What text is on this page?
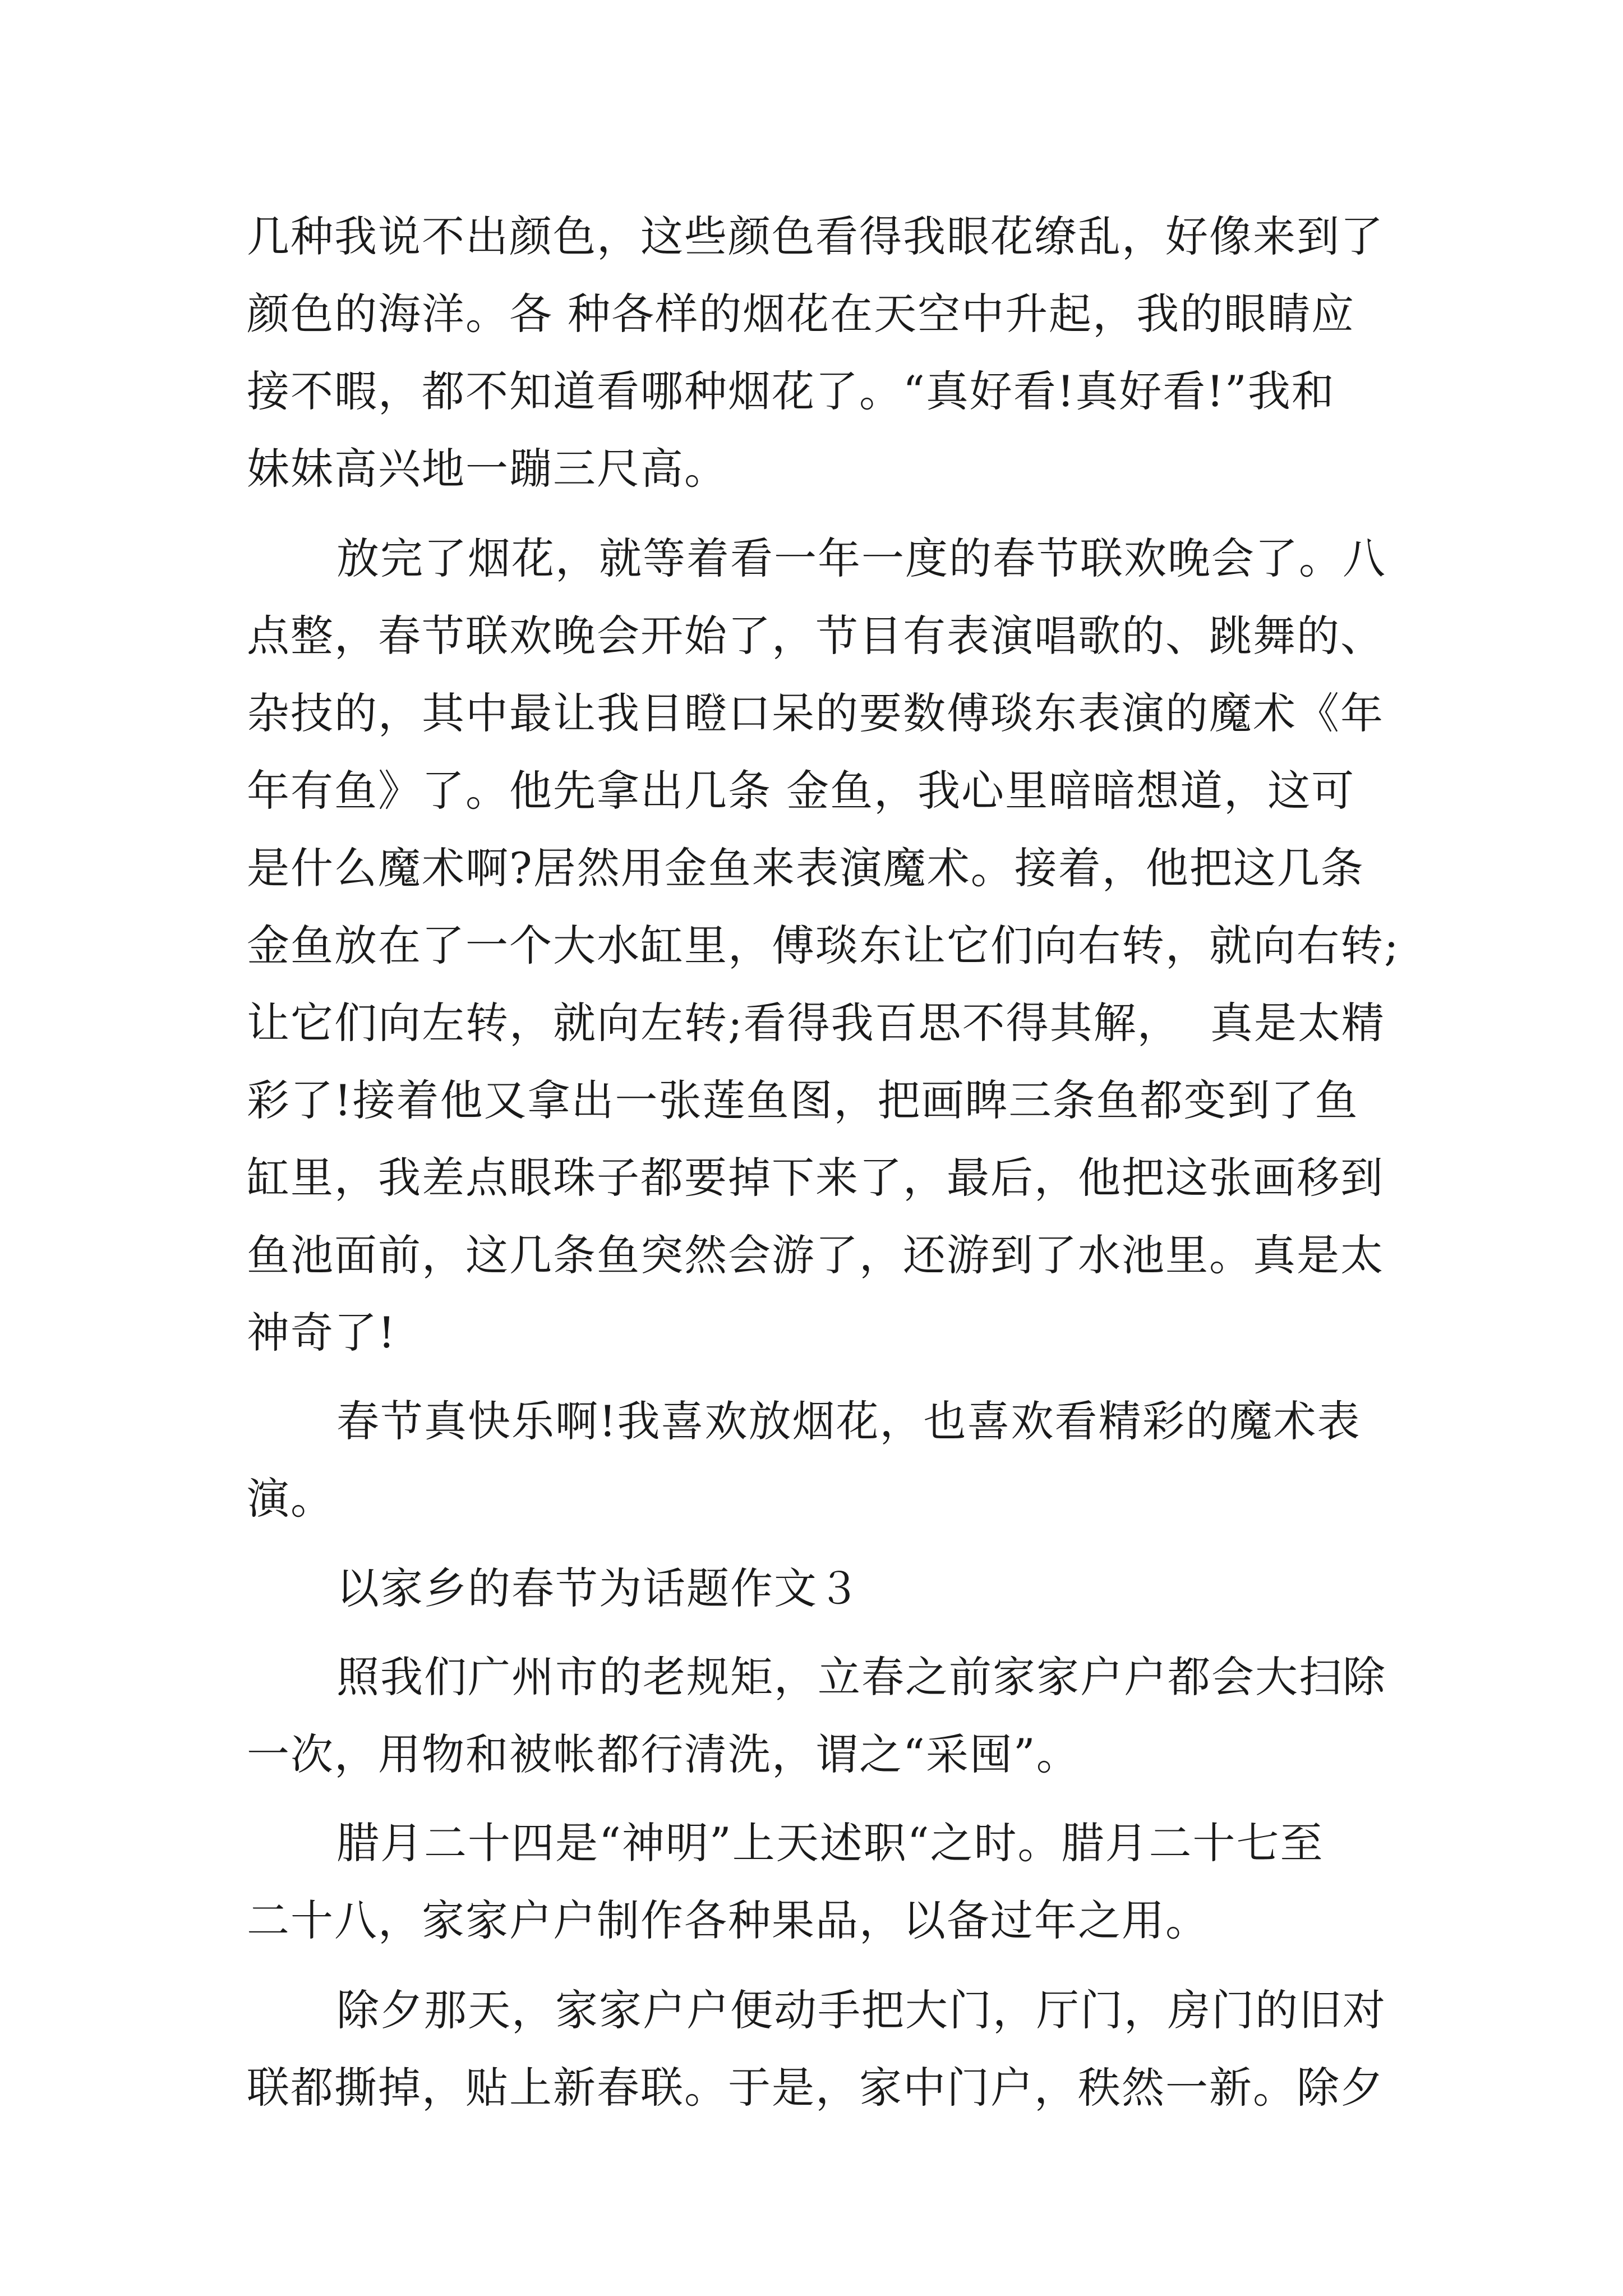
几种我说不出颜色，这些颜色看得我眼花缭乱，好像来到了
颜色的海洋。各 种各样的烟花在天空中升起，我的眼睛应
接不暇，都不知道看哪种烟花了。“真好看!真好看!”我和
妹妹高兴地一蹦三尺高。
放完了烟花，就等着看一年一度的春节联欢晚会了。八
点整，春节联欢晚会开始了，节目有表演唱歌的、跳舞的、
杂技的，其中最让我目瞪口呆的要数傅琰东表演的魔术《年
年有鱼》了。他先拿出几条 金鱼，我心里暗暗想道，这可
是什么魔术啊?居然用金鱼来表演魔术。接着，他把这几条
金鱼放在了一个大水缸里，傅琰东让它们向右转，就向右转;
让它们向左转，就向左转;看得我百思不得其解，  真是太精
彩了!接着他又拿出一张莲鱼图，把画睥三条鱼都变到了鱼
缸里，我差点眼珠子都要掉下来了，最后，他把这张画移到
鱼池面前，这几条鱼突然会游了，还游到了水池里。真是太
神奇了!
春节真快乐啊!我喜欢放烟花，也喜欢看精彩的魔术表
演。
以家乡的春节为话题作文３
照我们广州市的老规矩，立春之前家家户户都会大扫除
一次，用物和被帐都行清洗，谓之“采囤”。
腊月二十四是“神明”上天述职“之时。腊月二十七至
二十八，家家户户制作各种果品，以备过年之用。
除夕那天，家家户户便动手把大门，厅门，房门的旧对
联都撕掉，贴上新春联。于是，家中门户，秩然一新。除夕
